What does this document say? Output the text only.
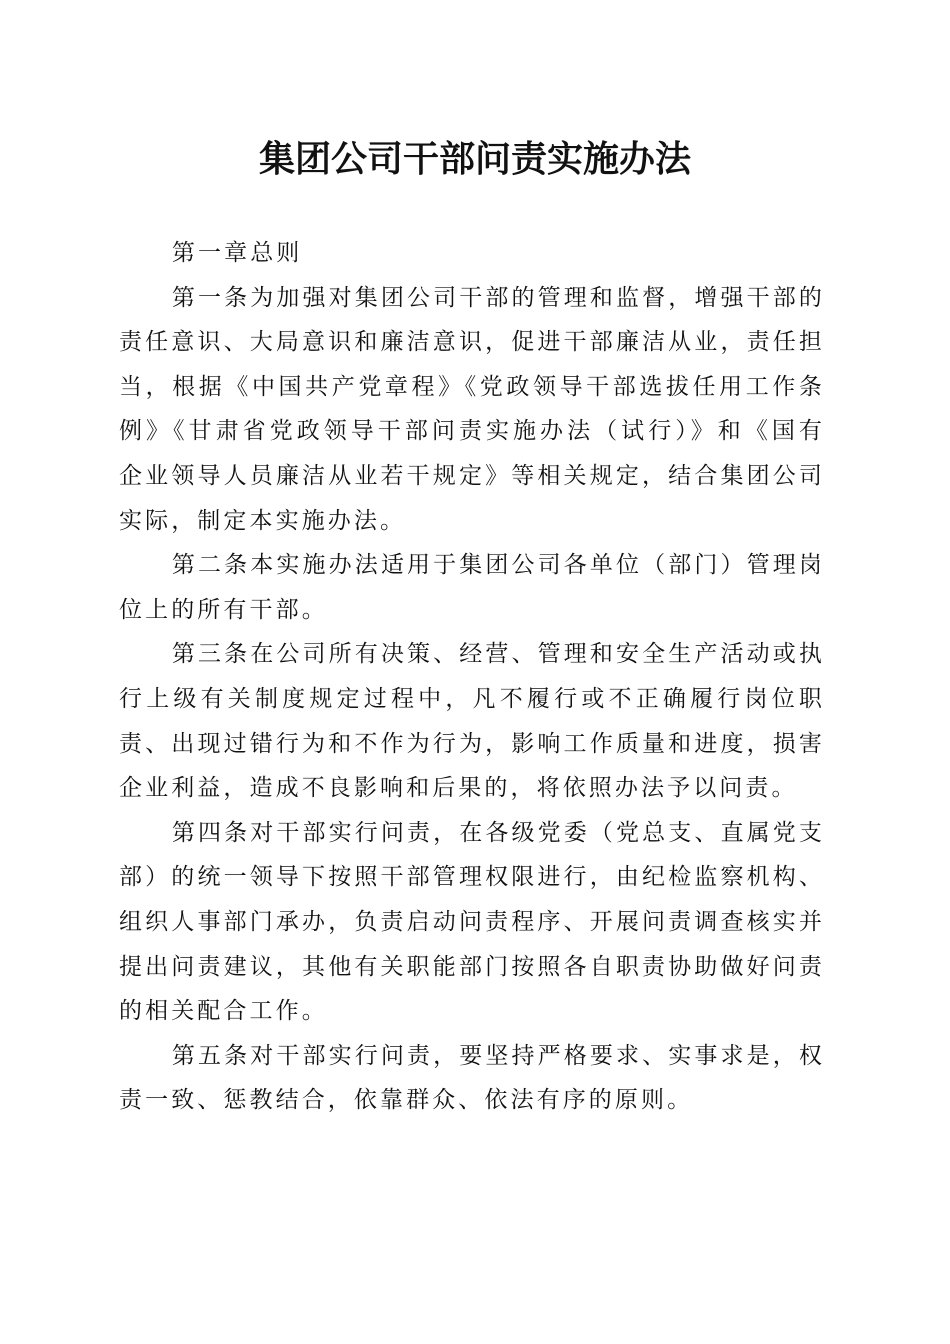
集团公司干部问责实施办法

第一章总则

第一条为加强对集团公司干部的管理和监督，增强干部的责任意识、大局意识和廉洁意识，促进干部廉洁从业，责任担当，根据《中国共产党章程》《党政领导干部选拔任用工作条例》《甘肃省党政领导干部问责实施办法（试行）》和《国有企业领导人员廉洁从业若干规定》等相关规定，结合集团公司实际，制定本实施办法。

第二条本实施办法适用于集团公司各单位（部门）管理岗位上的所有干部。

第三条在公司所有决策、经营、管理和安全生产活动或执行上级有关制度规定过程中，凡不履行或不正确履行岗位职责、出现过错行为和不作为行为，影响工作质量和进度，损害企业利益，造成不良影响和后果的，将依照办法予以问责。

第四条对干部实行问责，在各级党委（党总支、直属党支部）的统一领导下按照干部管理权限进行，由纪检监察机构、组织人事部门承办，负责启动问责程序、开展问责调查核实并提出问责建议，其他有关职能部门按照各自职责协助做好问责的相关配合工作。

第五条对干部实行问责，要坚持严格要求、实事求是，权责一致、惩教结合，依靠群众、依法有序的原则。
